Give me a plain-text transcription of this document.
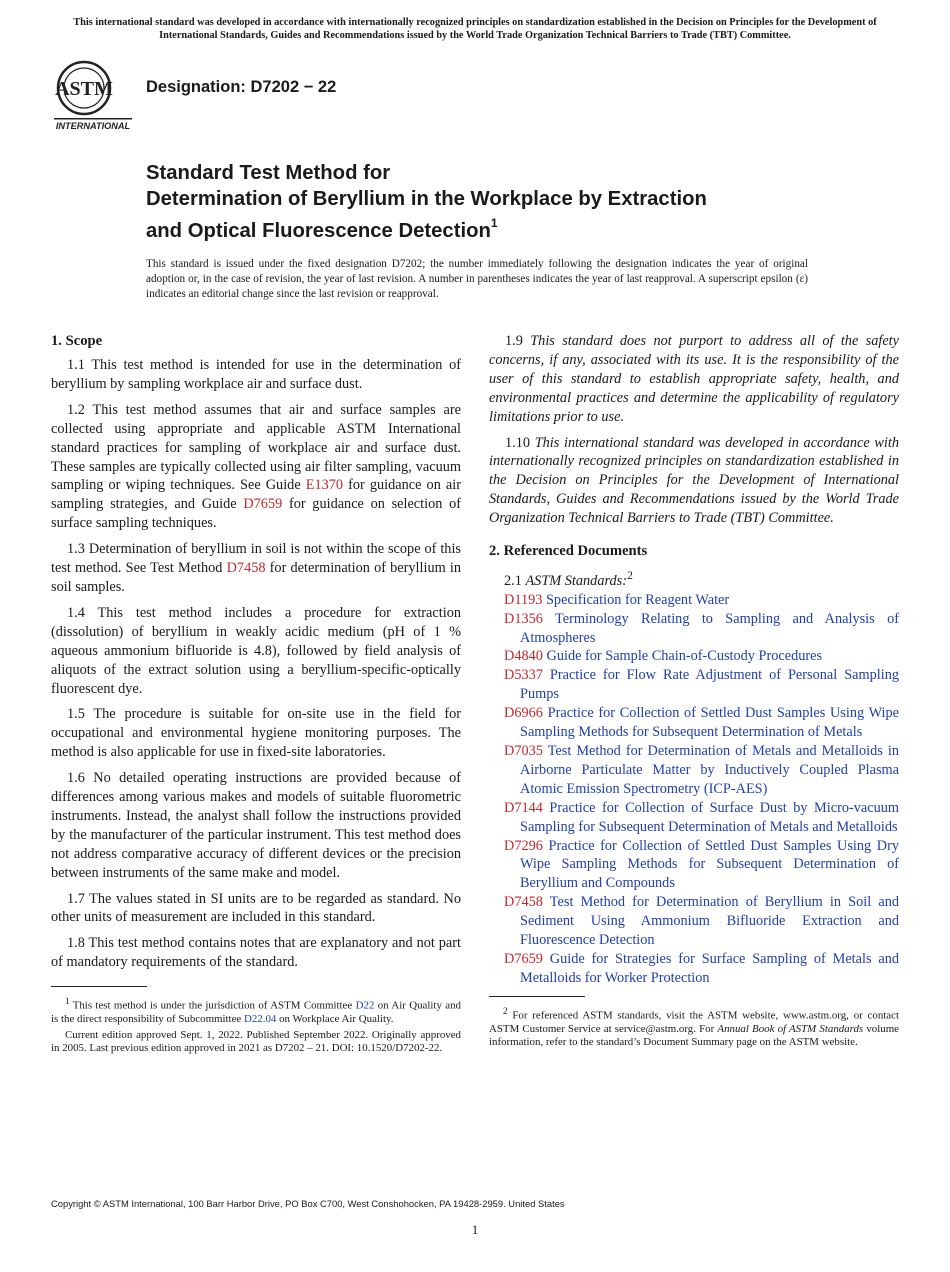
This international standard was developed in accordance with internationally recognized principles on standardization established in the Decision on Principles for the Development of International Standards, Guides and Recommendations issued by the World Trade Organization Technical Barriers to Trade (TBT) Committee.
ASTM
INTERNATIONAL
Designation: D7202 − 22
Standard Test Method for
Determination of Beryllium in the Workplace by Extraction
and Optical Fluorescence Detection$^1$
This standard is issued under the fixed designation D7202; the number immediately following the designation indicates the year of original adoption or, in the case of revision, the year of last revision. A number in parentheses indicates the year of last reapproval. A superscript epsilon (ε) indicates an editorial change since the last revision or reapproval.
1. Scope

1.1 This test method is intended for use in the determination of beryllium by sampling workplace air and surface dust.

1.2 This test method assumes that air and surface samples are collected using appropriate and applicable ASTM International standard practices for sampling of workplace air and surface dust. These samples are typically collected using air filter sampling, vacuum sampling or wiping techniques. See Guide E1370 for guidance on air sampling strategies, and Guide D7659 for guidance on selection of surface sampling techniques.

1.3 Determination of beryllium in soil is not within the scope of this test method. See Test Method D7458 for determination of beryllium in soil samples.

1.4 This test method includes a procedure for extraction (dissolution) of beryllium in weakly acidic medium (pH of 1 % aqueous ammonium bifluoride is 4.8), followed by field analysis of aliquots of the extract solution using a beryllium-specific-optically fluorescent dye.

1.5 The procedure is suitable for on-site use in the field for occupational and environmental hygiene monitoring purposes. The method is also applicable for use in fixed-site laboratories.

1.6 No detailed operating instructions are provided because of differences among various makes and models of suitable fluorometric instruments. Instead, the analyst shall follow the instructions provided by the manufacturer of the particular instrument. This test method does not address comparative accuracy of different devices or the precision between instruments of the same make and model.

1.7 The values stated in SI units are to be regarded as standard. No other units of measurement are included in this standard.

1.8 This test method contains notes that are explanatory and not part of mandatory requirements of the standard.

$^1$ This test method is under the jurisdiction of ASTM Committee D22 on Air Quality and is the direct responsibility of Subcommittee D22.04 on Workplace Air Quality.
Current edition approved Sept. 1, 2022. Published September 2022. Originally approved in 2005. Last previous edition approved in 2021 as D7202 – 21. DOI: 10.1520/D7202-22.

1.9 This standard does not purport to address all of the safety concerns, if any, associated with its use. It is the responsibility of the user of this standard to establish appropriate safety, health, and environmental practices and determine the applicability of regulatory limitations prior to use.

1.10 This international standard was developed in accordance with internationally recognized principles on standardization established in the Decision on Principles for the Development of International Standards, Guides and Recommendations issued by the World Trade Organization Technical Barriers to Trade (TBT) Committee.

2. Referenced Documents
2.1 ASTM Standards:$^2$
D1193 Specification for Reagent Water
D1356 Terminology Relating to Sampling and Analysis of Atmospheres
D4840 Guide for Sample Chain-of-Custody Procedures
D5337 Practice for Flow Rate Adjustment of Personal Sampling Pumps
D6966 Practice for Collection of Settled Dust Samples Using Wipe Sampling Methods for Subsequent Determination of Metals
D7035 Test Method for Determination of Metals and Metalloids in Airborne Particulate Matter by Inductively Coupled Plasma Atomic Emission Spectrometry (ICP-AES)
D7144 Practice for Collection of Surface Dust by Micro-vacuum Sampling for Subsequent Determination of Metals and Metalloids
D7296 Practice for Collection of Settled Dust Samples Using Dry Wipe Sampling Methods for Subsequent Determination of Beryllium and Compounds
D7458 Test Method for Determination of Beryllium in Soil and Sediment Using Ammonium Bifluoride Extraction and Fluorescence Detection
D7659 Guide for Strategies for Surface Sampling of Metals and Metalloids for Worker Protection
$^2$ For referenced ASTM standards, visit the ASTM website, www.astm.org, or contact ASTM Customer Service at service@astm.org. For Annual Book of ASTM Standards volume information, refer to the standard’s Document Summary page on the ASTM website.
Copyright © ASTM International, 100 Barr Harbor Drive, PO Box C700, West Conshohocken, PA 19428-2959. United States
1
